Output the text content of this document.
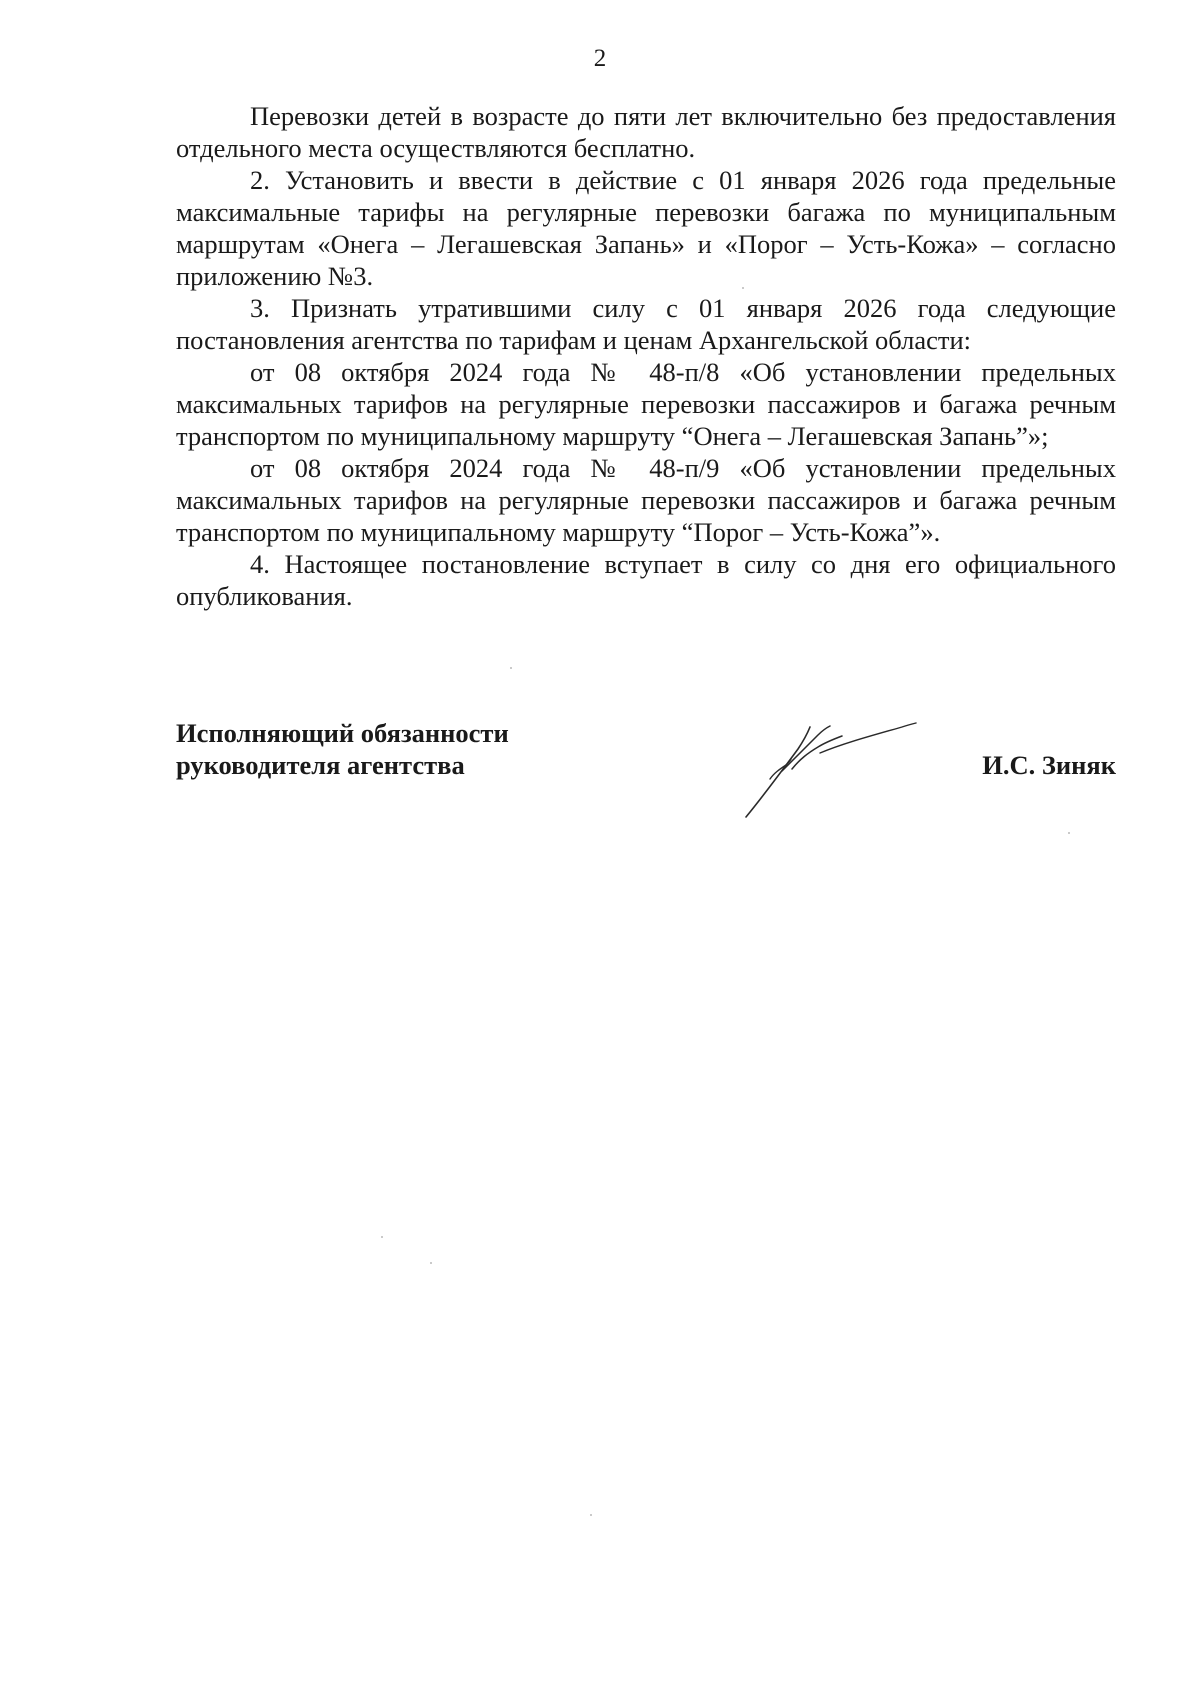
2

Перевозки детей в возрасте до пяти лет включительно без предоставления отдельного места осуществляются бесплатно.

2. Установить и ввести в действие с 01 января 2026 года предельные максимальные тарифы на регулярные перевозки багажа по муниципальным маршрутам «Онега – Легашевская Запань» и «Порог – Усть-Кожа» – согласно приложению №3.

3. Признать утратившими силу с 01 января 2026 года следующие постановления агентства по тарифам и ценам Архангельской области:

от 08 октября 2024 года № 48-п/8 «Об установлении предельных максимальных тарифов на регулярные перевозки пассажиров и багажа речным транспортом по муниципальному маршруту “Онега – Легашевская Запань”»;

от 08 октября 2024 года № 48-п/9 «Об установлении предельных максимальных тарифов на регулярные перевозки пассажиров и багажа речным транспортом по муниципальному маршруту “Порог – Усть-Кожа”».

4. Настоящее постановление вступает в силу со дня его официального опубликования.

Исполняющий обязанности
руководителя агентства	И.С. Зиняк
